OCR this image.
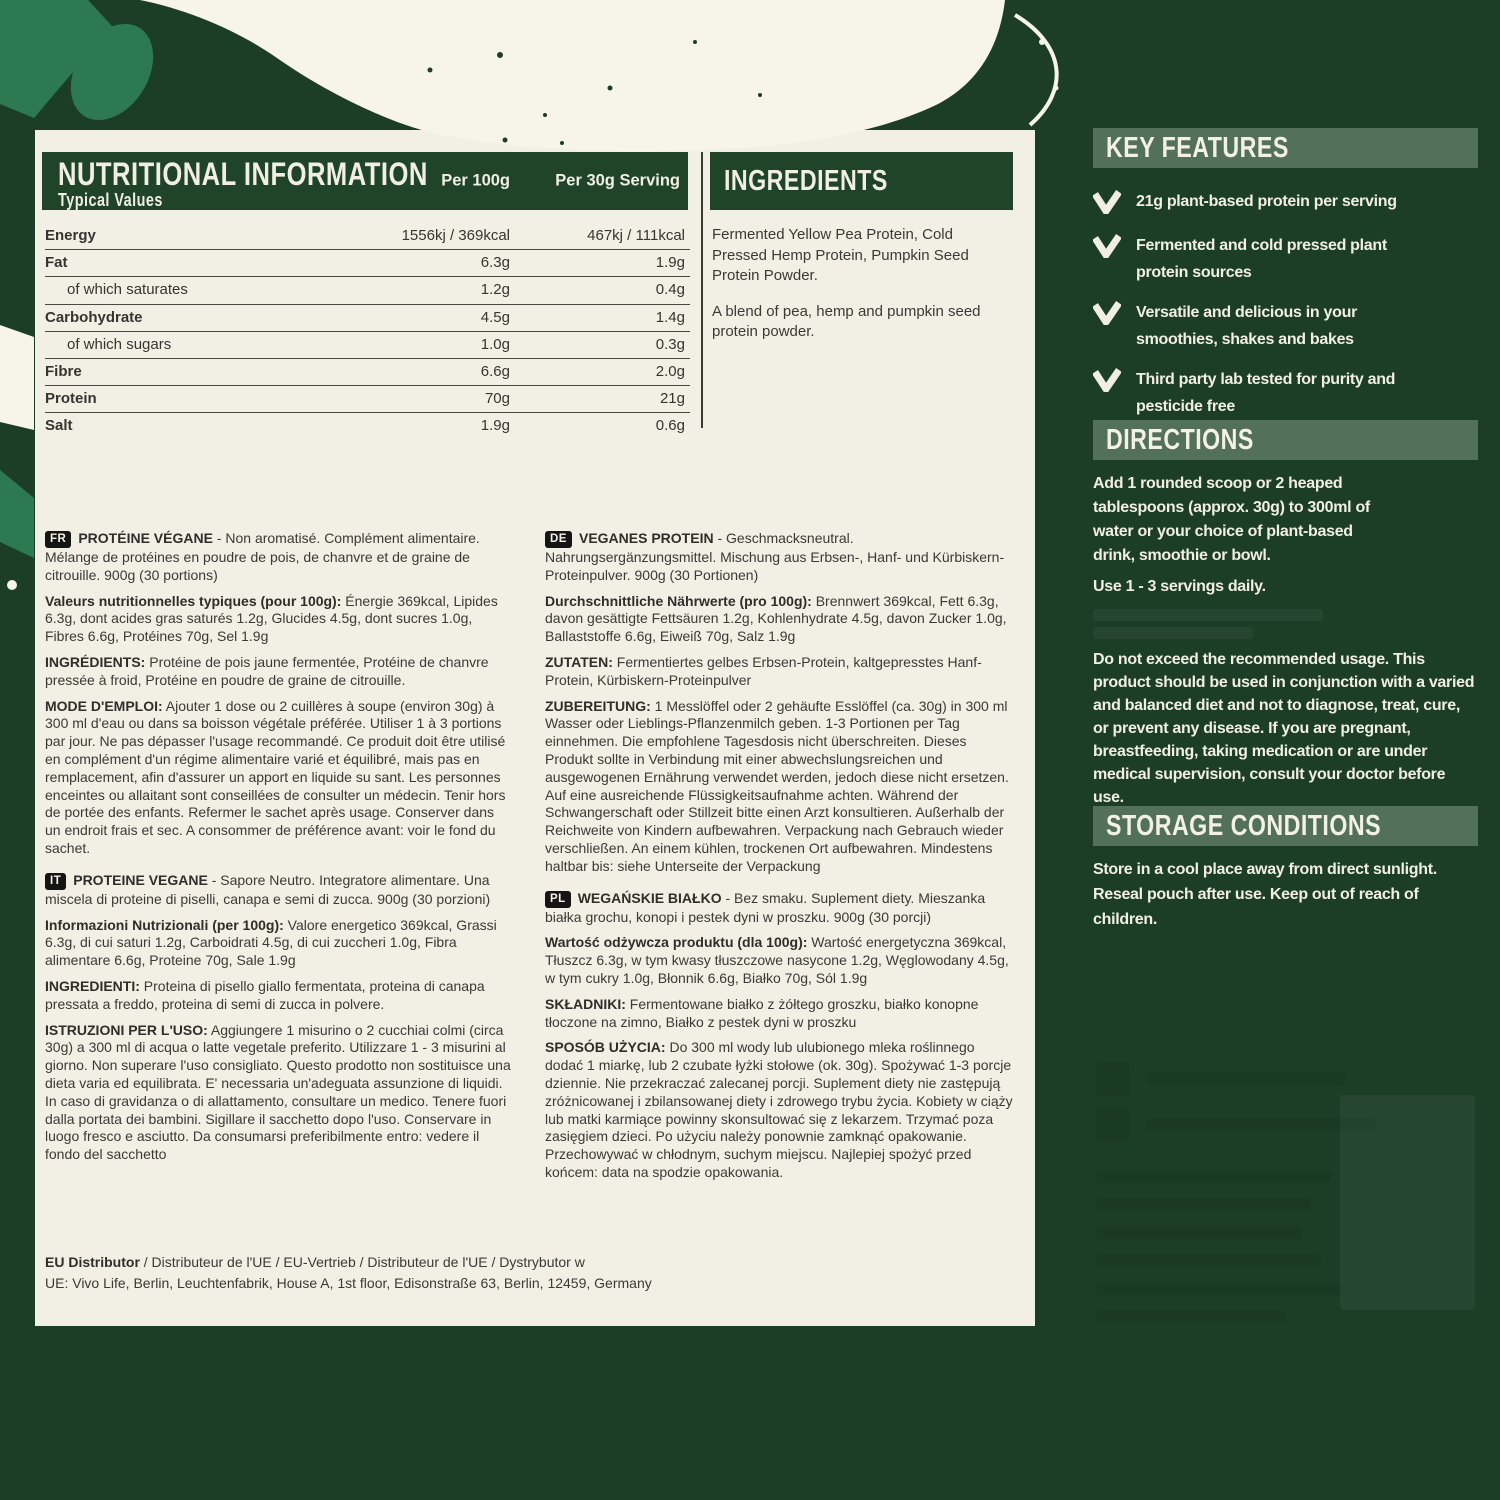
NUTRITIONAL INFORMATION
Typical Values
Per 100g	Per 30g Serving
Energy	1556kj / 369kcal	467kj / 111kcal
Fat	6.3g	1.9g
of which saturates	1.2g	0.4g
Carbohydrate	4.5g	1.4g
of which sugars	1.0g	0.3g
Fibre	6.6g	2.0g
Protein	70g	21g
Salt	1.9g	0.6g
INGREDIENTS

Fermented Yellow Pea Protein, Cold Pressed Hemp Protein, Pumpkin Seed Protein Powder.

A blend of pea, hemp and pumpkin seed protein powder.

FR PROTÉINE VÉGANE - Non aromatisé. Complément alimentaire. Mélange de protéines en poudre de pois, de chanvre et de graine de citrouille. 900g (30 portions)

Valeurs nutritionnelles typiques (pour 100g): Énergie 369kcal, Lipides 6.3g, dont acides gras saturés 1.2g, Glucides 4.5g, dont sucres 1.0g, Fibres 6.6g, Protéines 70g, Sel 1.9g

INGRÉDIENTS: Protéine de pois jaune fermentée, Protéine de chanvre pressée à froid, Protéine en poudre de graine de citrouille.

MODE D'EMPLOI: Ajouter 1 dose ou 2 cuillères à soupe (environ 30g) à 300 ml d'eau ou dans sa boisson végétale préférée. Utiliser 1 à 3 portions par jour. Ne pas dépasser l'usage recommandé. Ce produit doit être utilisé en complément d'un régime alimentaire varié et équilibré, mais pas en remplacement, afin d'assurer un apport en liquide su sant. Les personnes enceintes ou allaitant sont conseillées de consulter un médecin. Tenir hors de portée des enfants. Refermer le sachet après usage. Conserver dans un endroit frais et sec. A consommer de préférence avant: voir le fond du sachet.

IT PROTEINE VEGANE - Sapore Neutro. Integratore alimentare. Una miscela di proteine di piselli, canapa e semi di zucca. 900g (30 porzioni)

Informazioni Nutrizionali (per 100g): Valore energetico 369kcal, Grassi 6.3g, di cui saturi 1.2g, Carboidrati 4.5g, di cui zuccheri 1.0g, Fibra alimentare 6.6g, Proteine 70g, Sale 1.9g

INGREDIENTI: Proteina di pisello giallo fermentata, proteina di canapa pressata a freddo, proteina di semi di zucca in polvere.

ISTRUZIONI PER L'USO: Aggiungere 1 misurino o 2 cucchiai colmi (circa 30g) a 300 ml di acqua o latte vegetale preferito. Utilizzare 1 - 3 misurini al giorno. Non superare l'uso consigliato. Questo prodotto non sostituisce una dieta varia ed equilibrata. E' necessaria un'adeguata assunzione di liquidi. In caso di gravidanza o di allattamento, consultare un medico. Tenere fuori dalla portata dei bambini. Sigillare il sacchetto dopo l'uso. Conservare in luogo fresco e asciutto. Da consumarsi preferibilmente entro: vedere il fondo del sacchetto

DE VEGANES PROTEIN - Geschmacksneutral. Nahrungsergänzungsmittel. Mischung aus Erbsen-, Hanf- und Kürbiskern-Proteinpulver. 900g (30 Portionen)

Durchschnittliche Nährwerte (pro 100g): Brennwert 369kcal, Fett 6.3g, davon gesättigte Fettsäuren 1.2g, Kohlenhydrate 4.5g, davon Zucker 1.0g, Ballaststoffe 6.6g, Eiweiß 70g, Salz 1.9g

ZUTATEN: Fermentiertes gelbes Erbsen-Protein, kaltgepresstes Hanf-Protein, Kürbiskern-Proteinpulver

ZUBEREITUNG: 1 Messlöffel oder 2 gehäufte Esslöffel (ca. 30g) in 300 ml Wasser oder Lieblings-Pflanzenmilch geben. 1-3 Portionen per Tag einnehmen. Die empfohlene Tagesdosis nicht überschreiten. Dieses Produkt sollte in Verbindung mit einer abwechslungsreichen und ausgewogenen Ernährung verwendet werden, jedoch diese nicht ersetzen. Auf eine ausreichende Flüssigkeitsaufnahme achten. Während der Schwangerschaft oder Stillzeit bitte einen Arzt konsultieren. Außerhalb der Reichweite von Kindern aufbewahren. Verpackung nach Gebrauch wieder verschließen. An einem kühlen, trockenen Ort aufbewahren. Mindestens haltbar bis: siehe Unterseite der Verpackung

PL WEGAŃSKIE BIAŁKO - Bez smaku. Suplement diety. Mieszanka białka grochu, konopi i pestek dyni w proszku. 900g (30 porcji)

Wartość odżywcza produktu (dla 100g): Wartość energetyczna 369kcal, Tłuszcz 6.3g, w tym kwasy tłuszczowe nasycone 1.2g, Węglowodany 4.5g, w tym cukry 1.0g, Błonnik 6.6g, Białko 70g, Sól 1.9g

SKŁADNIKI: Fermentowane białko z żółtego groszku, białko konopne tłoczone na zimno, Białko z pestek dyni w proszku

SPOSÓB UŻYCIA: Do 300 ml wody lub ulubionego mleka roślinnego dodać 1 miarkę, lub 2 czubate łyżki stołowe (ok. 30g). Spożywać 1-3 porcje dziennie. Nie przekraczać zalecanej porcji. Suplement diety nie zastępują zróżnicowanej i zbilansowanej diety i zdrowego trybu życia. Kobiety w ciąży lub matki karmiące powinny skonsultować się z lekarzem. Trzymać poza zasięgiem dzieci. Po użyciu należy ponownie zamknąć opakowanie. Przechowywać w chłodnym, suchym miejscu. Najlepiej spożyć przed końcem: data na spodzie opakowania.

EU Distributor / Distributeur de l'UE / EU-Vertrieb / Distributeur de l'UE / Dystrybutor w
UE: Vivo Life, Berlin, Leuchtenfabrik, House A, 1st floor, Edisonstraße 63, Berlin, 12459, Germany
KEY FEATURES
21g plant-based protein per serving
Fermented and cold pressed plant protein sources
Versatile and delicious in your smoothies, shakes and bakes
Third party lab tested for purity and pesticide free
DIRECTIONS

Add 1 rounded scoop or 2 heaped tablespoons (approx. 30g) to 300ml of water or your choice of plant-based drink, smoothie or bowl.

Use 1 - 3 servings daily.

Do not exceed the recommended usage. This product should be used in conjunction with a varied and balanced diet and not to diagnose, treat, cure, or prevent any disease. If you are pregnant, breastfeeding, taking medication or are under medical supervision, consult your doctor before use.

STORAGE CONDITIONS

Store in a cool place away from direct sunlight. Reseal pouch after use. Keep out of reach of children.
